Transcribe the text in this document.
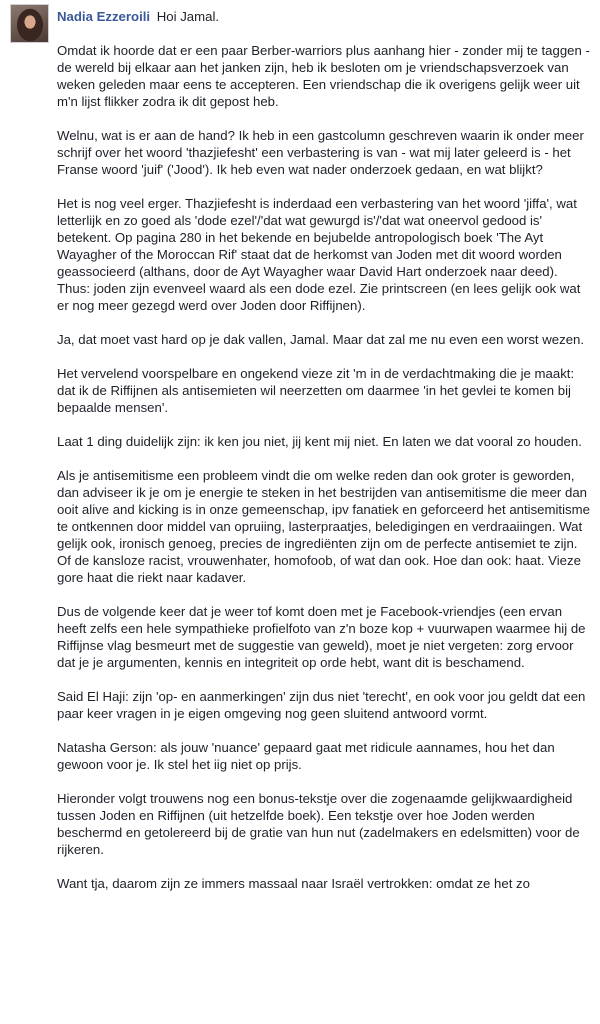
Nadia Ezzeroili Hoi Jamal.

Omdat ik hoorde dat er een paar Berber-warriors plus aanhang hier - zonder mij te taggen - de wereld bij elkaar aan het janken zijn, heb ik besloten om je vriendschapsverzoek van weken geleden maar eens te accepteren. Een vriendschap die ik overigens gelijk weer uit m'n lijst flikker zodra ik dit gepost heb.

Welnu, wat is er aan de hand? Ik heb in een gastcolumn geschreven waarin ik onder meer schrijf over het woord 'thazjiefesht' een verbastering is van - wat mij later geleerd is - het Franse woord 'juif' ('Jood'). Ik heb even wat nader onderzoek gedaan, en wat blijkt?

Het is nog veel erger. Thazjiefesht is inderdaad een verbastering van het woord 'jiffa', wat letterlijk en zo goed als 'dode ezel'/'dat wat gewurgd is'/'dat wat oneervol gedood is' betekent. Op pagina 280 in het bekende en bejubelde antropologisch boek 'The Ayt Wayagher of the Moroccan Rif' staat dat de herkomst van Joden met dit woord worden geassocieerd (althans, door de Ayt Wayagher waar David Hart onderzoek naar deed). Thus: joden zijn evenveel waard als een dode ezel. Zie printscreen (en lees gelijk ook wat er nog meer gezegd werd over Joden door Riffijnen).

Ja, dat moet vast hard op je dak vallen, Jamal. Maar dat zal me nu even een worst wezen.

Het vervelend voorspelbare en ongekend vieze zit 'm in de verdachtmaking die je maakt: dat ik de Riffijnen als antisemieten wil neerzetten om daarmee 'in het gevlei te komen bij bepaalde mensen'.

Laat 1 ding duidelijk zijn: ik ken jou niet, jij kent mij niet. En laten we dat vooral zo houden.

Als je antisemitisme een probleem vindt die om welke reden dan ook groter is geworden, dan adviseer ik je om je energie te steken in het bestrijden van antisemitisme die meer dan ooit alive and kicking is in onze gemeenschap, ipv fanatiek en geforceerd het antisemitisme te ontkennen door middel van opruiing, lasterpraatjes, beledigingen en verdraaiingen. Wat gelijk ook, ironisch genoeg, precies de ingrediënten zijn om de perfecte antisemiet te zijn. Of de kansloze racist, vrouwenhater, homofoob, of wat dan ook. Hoe dan ook: haat. Vieze gore haat die riekt naar kadaver.

Dus de volgende keer dat je weer tof komt doen met je Facebook-vriendjes (een ervan heeft zelfs een hele sympathieke profielfoto van z'n boze kop + vuurwapen waarmee hij de Riffijnse vlag besmeurt met de suggestie van geweld), moet je niet vergeten: zorg ervoor dat je je argumenten, kennis en integriteit op orde hebt, want dit is beschamend.

Said El Haji: zijn 'op- en aanmerkingen' zijn dus niet 'terecht', en ook voor jou geldt dat een paar keer vragen in je eigen omgeving nog geen sluitend antwoord vormt.

Natasha Gerson: als jouw 'nuance' gepaard gaat met ridicule aannames, hou het dan gewoon voor je. Ik stel het iig niet op prijs.

Hieronder volgt trouwens nog een bonus-tekstje over die zogenaamde gelijkwaardigheid tussen Joden en Riffijnen (uit hetzelfde boek). Een tekstje over hoe Joden werden beschermd en getolereerd bij de gratie van hun nut (zadelmakers en edelsmitten) voor de rijkeren.

Want tja, daarom zijn ze immers massaal naar Israël vertrokken: omdat ze het zo
